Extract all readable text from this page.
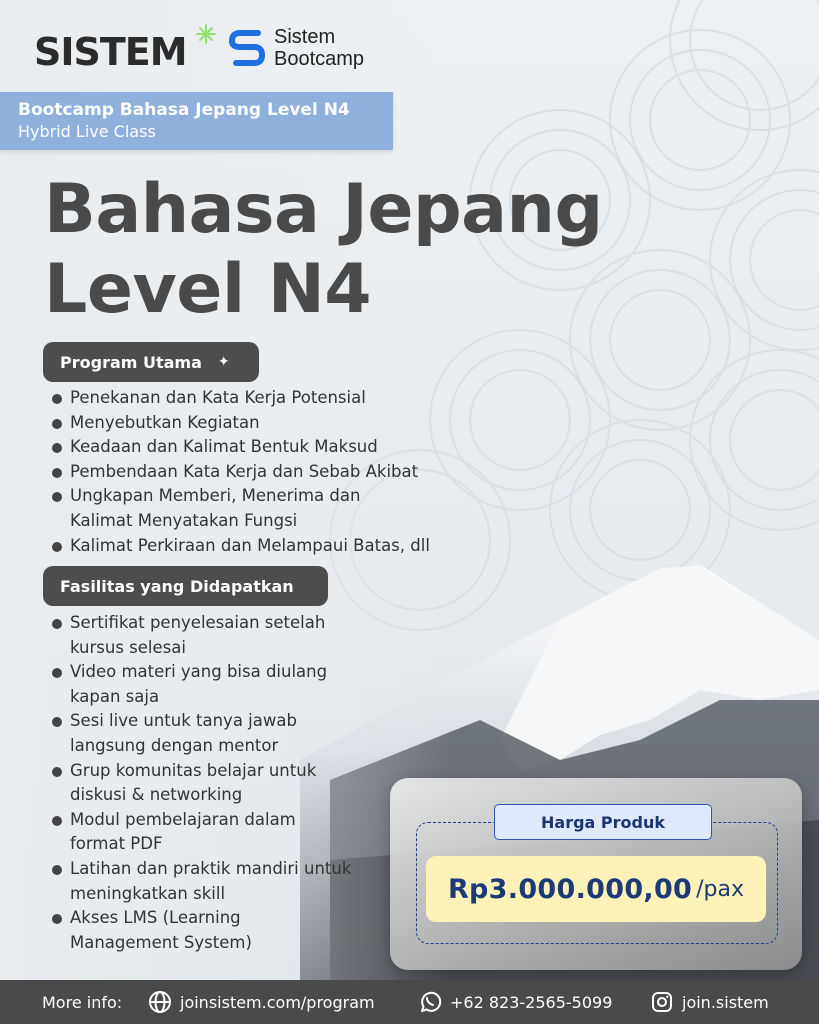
SISTEM	Sistem
Bootcamp
Bootcamp Bahasa Jepang Level N4
Hybrid Live Class
Bahasa Jepang
Level N4
Program Utama ✦
Penekanan dan Kata Kerja Potensial
Menyebutkan Kegiatan
Keadaan dan Kalimat Bentuk Maksud
Pembendaan Kata Kerja dan Sebab Akibat
Ungkapan Memberi, Menerima dan Kalimat Menyatakan Fungsi
Kalimat Perkiraan dan Melampaui Batas, dll
Fasilitas yang Didapatkan
Sertifikat penyelesaian setelah kursus selesai
Video materi yang bisa diulang kapan saja
Sesi live untuk tanya jawab langsung dengan mentor
Grup komunitas belajar untuk diskusi & networking
Modul pembelajaran dalam format PDF
Latihan dan praktik mandiri untuk meningkatkan skill
Akses LMS (Learning Management System)
Harga Produk
Rp3.000.000,00 /pax
More info:	joinsistem.com/program	+62 823-2565-5099	join.sistem
